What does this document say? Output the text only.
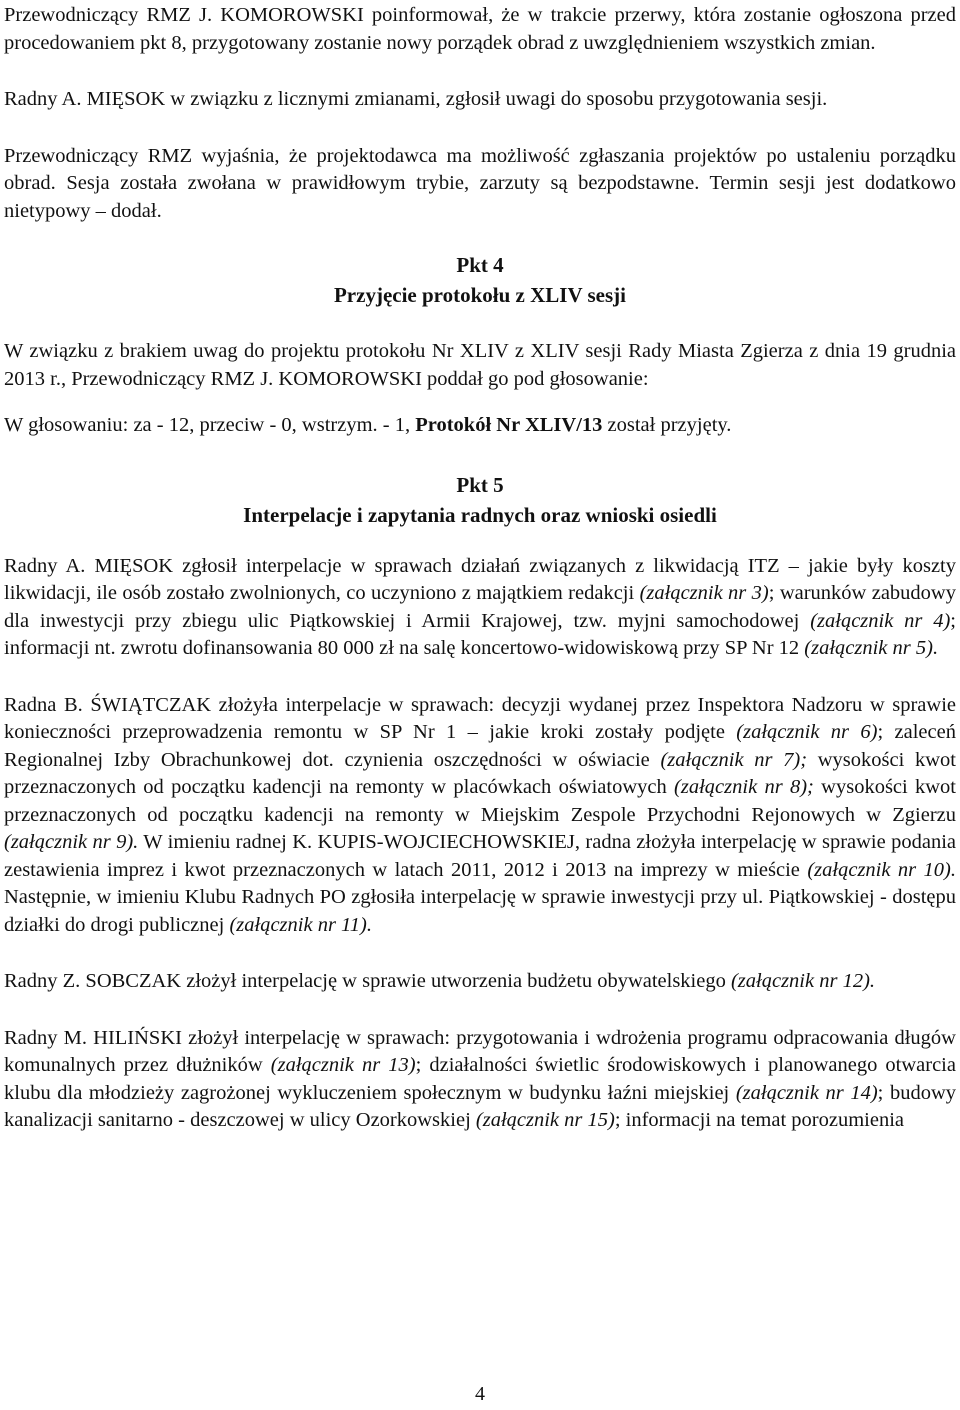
Przewodniczący RMZ J. KOMOROWSKI poinformował, że w trakcie przerwy, która zostanie ogłoszona przed procedowaniem pkt 8, przygotowany zostanie nowy porządek obrad z uwzględnieniem wszystkich zmian.

Radny A. MIĘSOK w związku z licznymi zmianami, zgłosił uwagi do sposobu przygotowania sesji.

Przewodniczący RMZ wyjaśnia, że projektodawca ma możliwość zgłaszania projektów po ustaleniu porządku obrad. Sesja została zwołana w prawidłowym trybie, zarzuty są bezpodstawne. Termin sesji jest dodatkowo nietypowy – dodał.

Pkt 4
Przyjęcie protokołu z XLIV sesji

W związku z brakiem uwag do projektu protokołu Nr XLIV z XLIV sesji Rady Miasta Zgierza z dnia 19 grudnia 2013 r., Przewodniczący RMZ J. KOMOROWSKI poddał go pod głosowanie:

W głosowaniu: za - 12, przeciw - 0, wstrzym. - 1, Protokół Nr XLIV/13 został przyjęty.

Pkt 5
Interpelacje i zapytania radnych oraz wnioski osiedli

Radny A. MIĘSOK zgłosił interpelacje w sprawach działań związanych z likwidacją ITZ – jakie były koszty likwidacji, ile osób zostało zwolnionych, co uczyniono z majątkiem redakcji (załącznik nr 3); warunków zabudowy dla inwestycji przy zbiegu ulic Piątkowskiej i Armii Krajowej, tzw. myjni samochodowej (załącznik nr 4); informacji nt. zwrotu dofinansowania 80 000 zł na salę koncertowo-widowiskową przy SP Nr 12 (załącznik nr 5).

Radna B. ŚWIĄTCZAK złożyła interpelacje w sprawach: decyzji wydanej przez Inspektora Nadzoru w sprawie konieczności przeprowadzenia remontu w SP Nr 1 – jakie kroki zostały podjęte (załącznik nr 6); zaleceń Regionalnej Izby Obrachunkowej dot. czynienia oszczędności w oświacie (załącznik nr 7); wysokości kwot przeznaczonych od początku kadencji na remonty w placówkach oświatowych (załącznik nr 8); wysokości kwot przeznaczonych od początku kadencji na remonty w Miejskim Zespole Przychodni Rejonowych w Zgierzu (załącznik nr 9). W imieniu radnej K. KUPIS-WOJCIECHOWSKIEJ, radna złożyła interpelację w sprawie podania zestawienia imprez i kwot przeznaczonych w latach 2011, 2012 i 2013 na imprezy w mieście (załącznik nr 10). Następnie, w imieniu Klubu Radnych PO zgłosiła interpelację w sprawie inwestycji przy ul. Piątkowskiej - dostępu działki do drogi publicznej (załącznik nr 11).

Radny Z. SOBCZAK złożył interpelację w sprawie utworzenia budżetu obywatelskiego (załącznik nr 12).

Radny M. HILIŃSKI złożył interpelację w sprawach: przygotowania i wdrożenia programu odpracowania długów komunalnych przez dłużników (załącznik nr 13); działalności świetlic środowiskowych i planowanego otwarcia klubu dla młodzieży zagrożonej wykluczeniem społecznym w budynku łaźni miejskiej (załącznik nr 14); budowy kanalizacji sanitarno - deszczowej w ulicy Ozorkowskiej (załącznik nr 15); informacji na temat porozumienia

4
